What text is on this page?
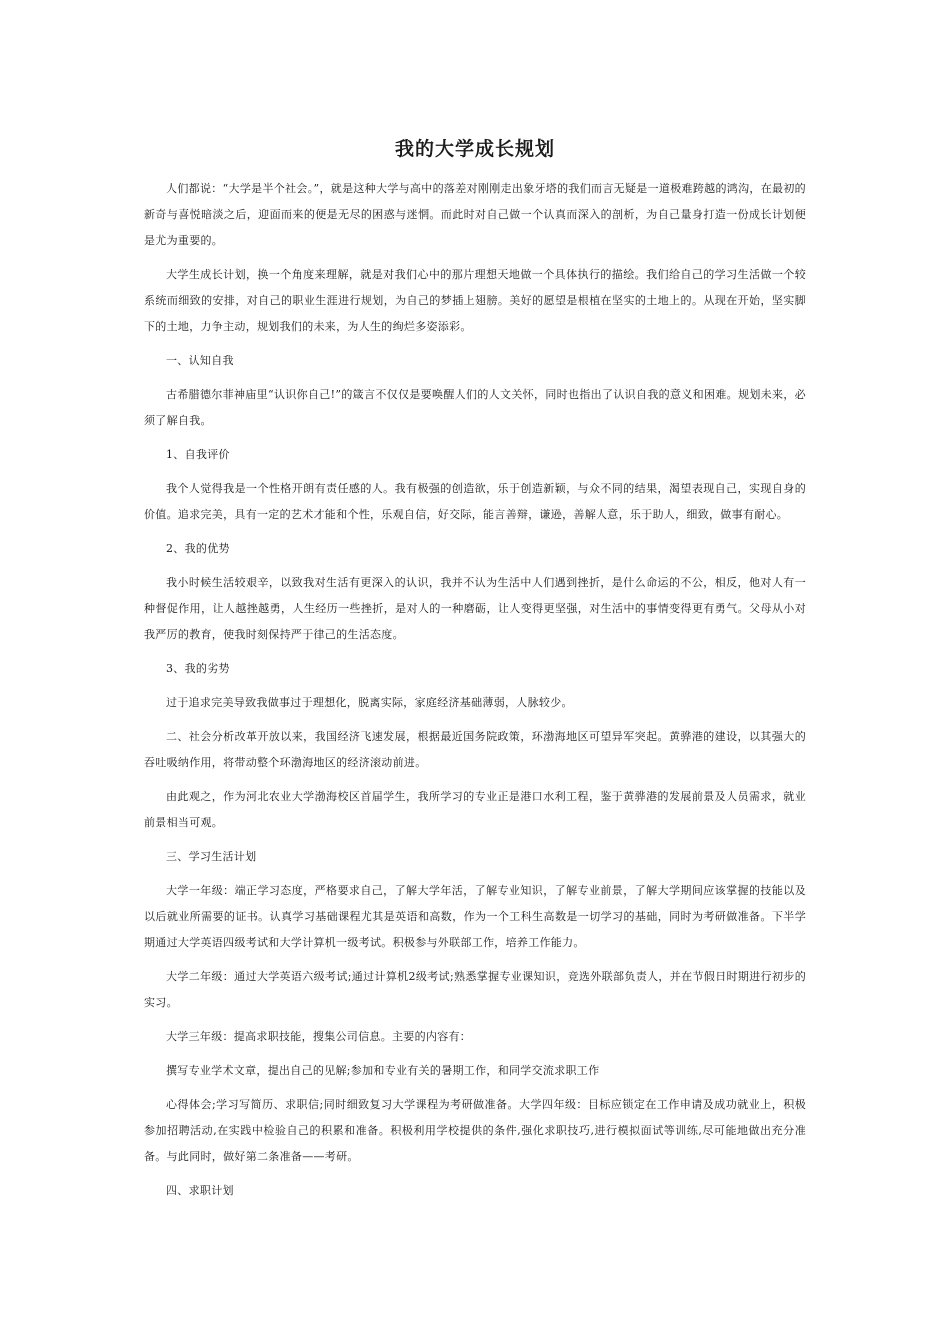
我的大学成长规划

人们都说：“大学是半个社会。”，就是这种大学与高中的落差对刚刚走出象牙塔的我们而言无疑是一道极难跨越的鸿沟，在最初的新奇与喜悦暗淡之后，迎面而来的便是无尽的困惑与迷惘。而此时对自己做一个认真而深入的剖析，为自己量身打造一份成长计划便是尤为重要的。

大学生成长计划，换一个角度来理解，就是对我们心中的那片理想天地做一个具体执行的描绘。我们给自己的学习生活做一个较系统而细致的安排，对自己的职业生涯进行规划，为自己的梦插上翅膀。美好的愿望是根植在坚实的土地上的。从现在开始，坚实脚下的土地，力争主动，规划我们的未来，为人生的绚烂多姿添彩。

一、认知自我

古希腊德尔菲神庙里“认识你自己!”的箴言不仅仅是要唤醒人们的人文关怀，同时也指出了认识自我的意义和困难。规划未来，必须了解自我。

1、自我评价

我个人觉得我是一个性格开朗有责任感的人。我有极强的创造欲，乐于创造新颖，与众不同的结果，渴望表现自己，实现自身的价值。追求完美，具有一定的艺术才能和个性，乐观自信，好交际，能言善辩，谦逊，善解人意，乐于助人，细致，做事有耐心。

2、我的优势

我小时候生活较艰辛，以致我对生活有更深入的认识，我并不认为生活中人们遇到挫折，是什么命运的不公，相反，他对人有一种督促作用，让人越挫越勇，人生经历一些挫折，是对人的一种磨砺，让人变得更坚强，对生活中的事情变得更有勇气。父母从小对我严厉的教育，使我时刻保持严于律己的生活态度。

3、我的劣势

过于追求完美导致我做事过于理想化，脱离实际，家庭经济基础薄弱，人脉较少。

二、社会分析改革开放以来，我国经济飞速发展，根据最近国务院政策，环渤海地区可望异军突起。黄骅港的建设，以其强大的吞吐吸纳作用，将带动整个环渤海地区的经济滚动前进。

由此观之，作为河北农业大学渤海校区首届学生，我所学习的专业正是港口水利工程，鉴于黄骅港的发展前景及人员需求，就业前景相当可观。

三、学习生活计划

大学一年级：端正学习态度，严格要求自己，了解大学年活，了解专业知识，了解专业前景，了解大学期间应该掌握的技能以及以后就业所需要的证书。认真学习基础课程尤其是英语和高数，作为一个工科生高数是一切学习的基础，同时为考研做准备。下半学期通过大学英语四级考试和大学计算机一级考试。积极参与外联部工作，培养工作能力。

大学二年级：通过大学英语六级考试;通过计算机2级考试;熟悉掌握专业课知识，竞选外联部负责人，并在节假日时期进行初步的实习。

大学三年级：提高求职技能，搜集公司信息。主要的内容有：

撰写专业学术文章，提出自己的见解;参加和专业有关的暑期工作，和同学交流求职工作

心得体会;学习写简历、求职信;同时细致复习大学课程为考研做准备。大学四年级：目标应锁定在工作申请及成功就业上，积极参加招聘活动,在实践中检验自己的积累和准备。积极利用学校提供的条件,强化求职技巧,进行模拟面试等训练,尽可能地做出充分准备。与此同时，做好第二条准备——考研。

四、求职计划
